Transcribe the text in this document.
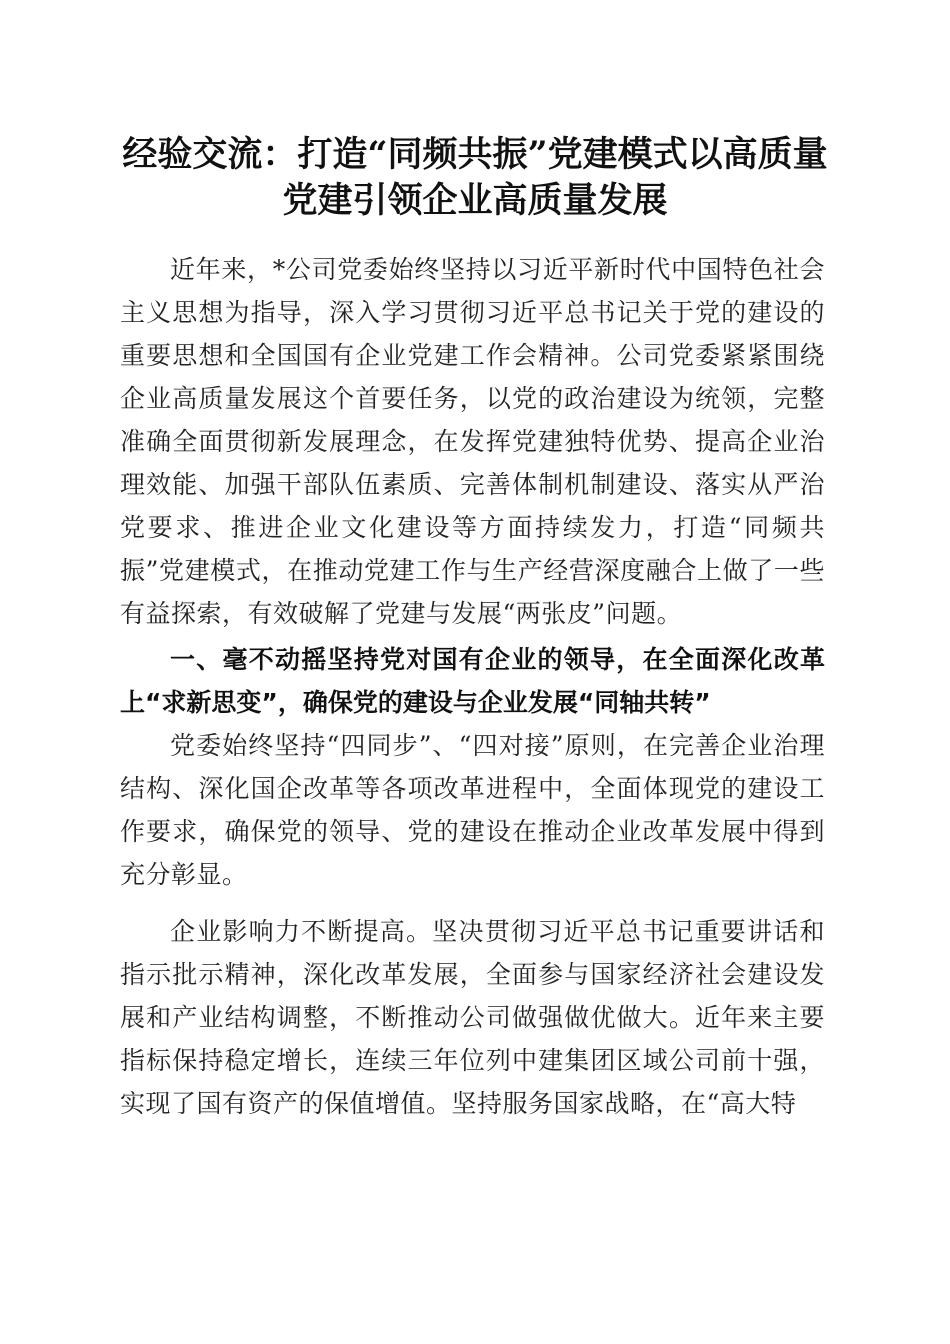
经验交流：打造“同频共振”党建模式以高质量党建引领企业高质量发展

近年来，*公司党委始终坚持以习近平新时代中国特色社会主义思想为指导，深入学习贯彻习近平总书记关于党的建设的重要思想和全国国有企业党建工作会精神。公司党委紧紧围绕企业高质量发展这个首要任务，以党的政治建设为统领，完整准确全面贯彻新发展理念，在发挥党建独特优势、提高企业治理效能、加强干部队伍素质、完善体制机制建设、落实从严治党要求、推进企业文化建设等方面持续发力，打造“同频共振”党建模式，在推动党建工作与生产经营深度融合上做了一些有益探索，有效破解了党建与发展“两张皮”问题。

一、毫不动摇坚持党对国有企业的领导，在全面深化改革上“求新思变”，确保党的建设与企业发展“同轴共转”

党委始终坚持“四同步”、“四对接”原则，在完善企业治理结构、深化国企改革等各项改革进程中，全面体现党的建设工作要求，确保党的领导、党的建设在推动企业改革发展中得到充分彰显。

企业影响力不断提高。坚决贯彻习近平总书记重要讲话和指示批示精神，深化改革发展，全面参与国家经济社会建设发展和产业结构调整，不断推动公司做强做优做大。近年来主要指标保持稳定增长，连续三年位列中建集团区域公司前十强，实现了国有资产的保值增值。坚持服务国家战略，在“高大特
